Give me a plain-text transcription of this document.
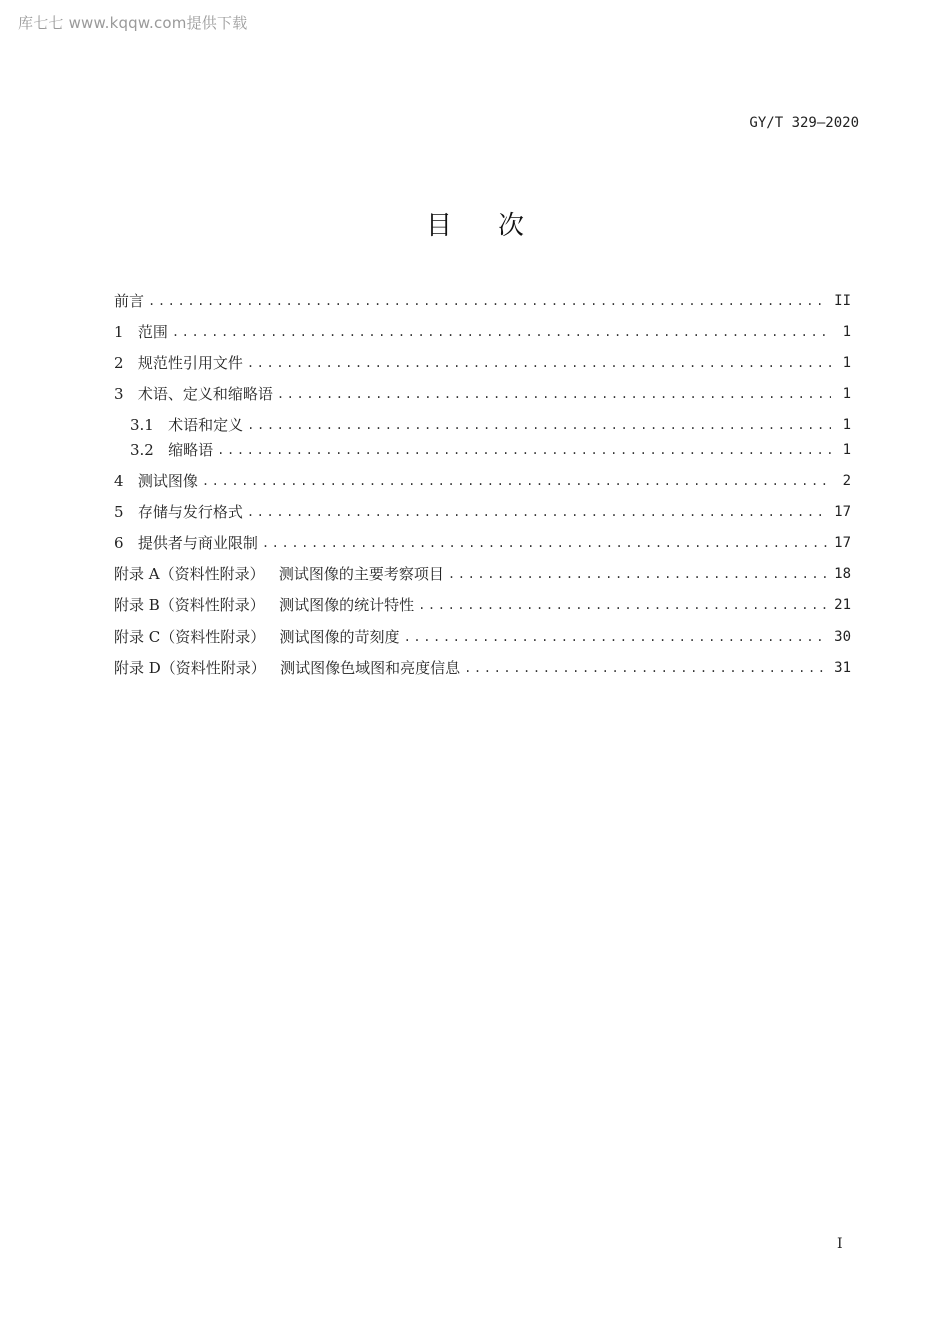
库七七 www.kqqw.com提供下载
GY/T 329—2020
目次
前言 .....	II
1   范围 .....	1
2   规范性引用文件 .....	1
3   术语、定义和缩略语 .....	1
3.1   术语和定义 .....	1
3.2   缩略语 .....	1
4   测试图像 .....	2
5   存储与发行格式 .....	17
6   提供者与商业限制 .....	17
附录 A（资料性附录）   测试图像的主要考察项目 .....	18
附录 B（资料性附录）   测试图像的统计特性 .....	21
附录 C（资料性附录）   测试图像的苛刻度 .....	30
附录 D（资料性附录）   测试图像色域图和亮度信息 .....	31
I
